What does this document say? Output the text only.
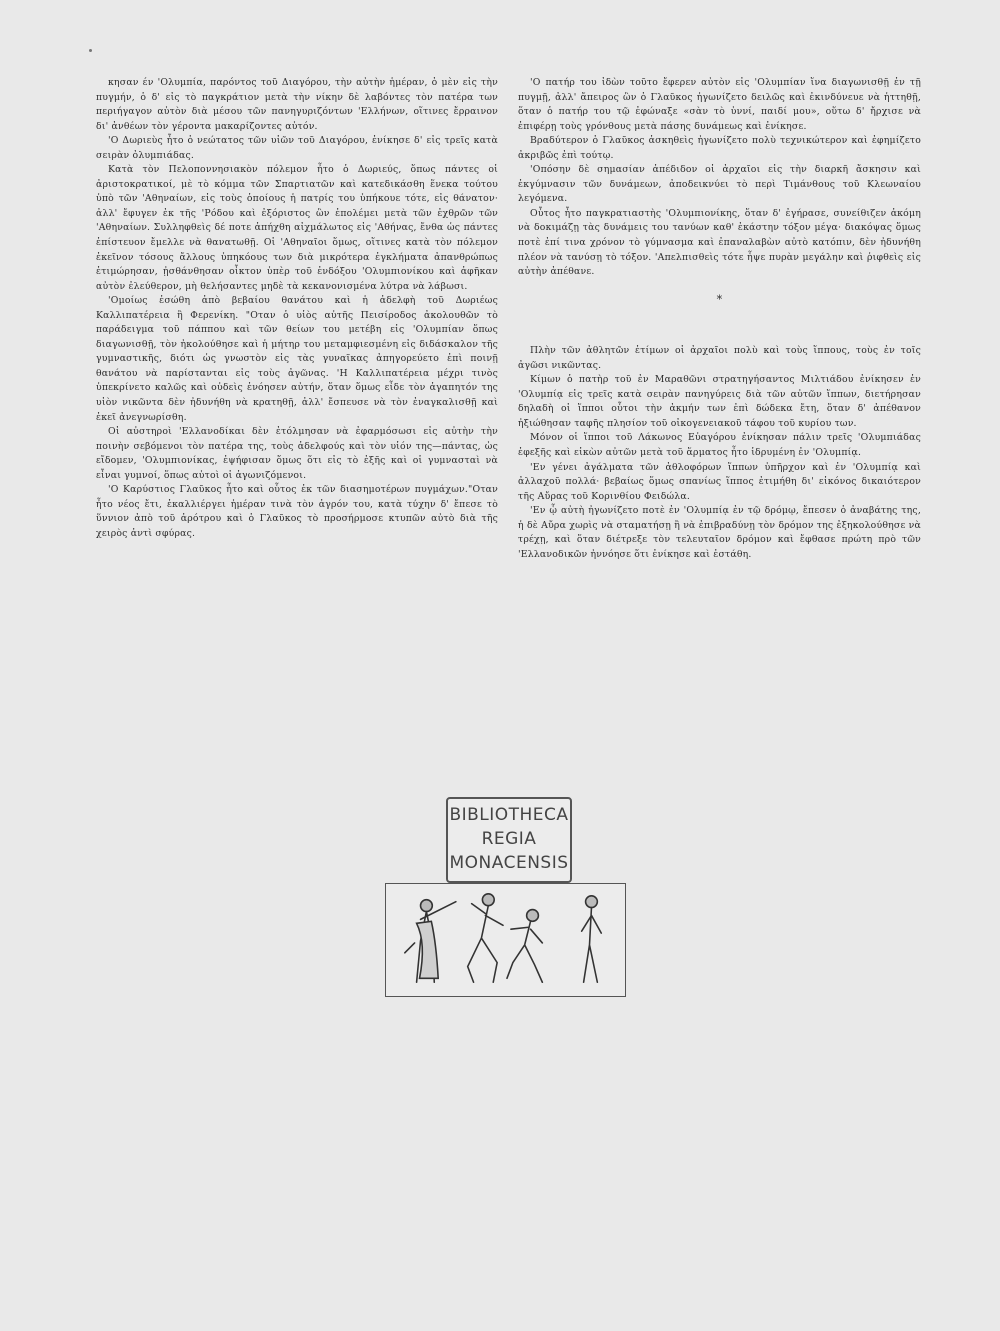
κησαν έν 'Ολυμπία, παρόντος τοῦ Διαγόρου, τὴν αὐτὴν ἡμέραν, ὁ μὲν εἰς τὴν πυγμήν, ὁ δ' εἰς τὸ παγκράτιον μετὰ τὴν νίκην δὲ λαβόντες τὸν πατέρα των περιήγαγον αὐτὸν διὰ μέσου τῶν πανηγυριζόντων 'Ελλήνων, οἵτινες ἔρραινον δι' ἀνθέων τὸν γέροντα μακαρίζοντες αὐτόν.

'Ο Δωριεὺς ἦτο ὁ νεώτατος τῶν υἱῶν τοῦ Διαγόρου, ἐνίκησε δ' εἰς τρεῖς κατὰ σειρὰν ὀλυμπιάδας.

Κατὰ τὸν Πελοποννησιακὸν πόλεμον ἦτο ὁ Δωριεύς, ὅπως πάντες οἱ ἀριστοκρατικοί, μὲ τὸ κόμμα τῶν Σπαρτιατῶν καὶ κατεδικάσθη ἕνεκα τούτου ὑπὸ τῶν 'Αθηναίων, εἰς τοὺς ὁποίους ἡ πατρίς του ὑπήκουε τότε, εἰς θάνατον· ἀλλ' ἔφυγεν ἐκ τῆς 'Ρόδου καὶ ἐξόριστος ὢν ἐπολέμει μετὰ τῶν ἐχθρῶν τῶν 'Αθηναίων. Συλληφθεὶς δέ ποτε ἀπήχθη αἰχμάλωτος εἰς 'Αθήνας, ἔνθα ὡς πάντες ἐπίστευον ἔμελλε νὰ θανατωθῇ. Οἱ 'Αθηναῖοι ὅμως, οἵτινες κατὰ τὸν πόλεμον ἐκεῖνον τόσους ἄλλους ὑπηκόους των διὰ μικρότερα ἐγκλήματα ἀπανθρώπως ἐτιμώρησαν, ᾐσθάνθησαν οἶκτον ὑπὲρ τοῦ ἐνδόξου 'Ολυμπιονίκου καὶ ἀφῆκαν αὐτὸν ἐλεύθερον, μὴ θελήσαντες μηδὲ τὰ κεκανονισμένα λύτρα νὰ λάβωσι.

'Ομοίως ἐσώθη ἀπὸ βεβαίου θανάτου καὶ ἡ ἀδελφὴ τοῦ Δωριέως Καλλιπατέρεια ἢ Φερενίκη. "Οταν ὁ υἱὸς αὐτῆς Πεισίροδος ἀκολουθῶν τὸ παράδειγμα τοῦ πάππου καὶ τῶν θείων του μετέβη εἰς 'Ολυμπίαν ὅπως διαγωνισθῇ, τὸν ἠκολούθησε καὶ ἡ μήτηρ του μεταμφιεσμένη εἰς διδάσκαλον τῆς γυμναστικῆς, διότι ὡς γνωστὸν εἰς τὰς γυναῖκας ἀπηγορεύετο ἐπὶ ποινῇ θανάτου νὰ παρίστανται εἰς τοὺς ἀγῶνας. 'Η Καλλιπατέρεια μέχρι τινὸς ὑπεκρίνετο καλῶς καὶ οὐδεὶς ἐνόησεν αὐτήν, ὅταν ὅμως εἶδε τὸν ἀγαπητόν της υἱὸν νικῶντα δὲν ἠδυνήθη νὰ κρατηθῇ, ἀλλ' ἔσπευσε νὰ τὸν ἐναγκαλισθῇ καὶ ἐκεῖ ἀνεγνωρίσθη.

Οἱ αὐστηροὶ 'Ελλανοδίκαι δὲν ἐτόλμησαν νὰ ἐφαρμόσωσι εἰς αὐτὴν τὴν ποινὴν σεβόμενοι τὸν πατέρα της, τοὺς ἀδελφούς καὶ τὸν υἱόν της—πάντας, ὡς εἴδομεν, 'Ολυμπιονίκας, ἐψήφισαν ὅμως ὅτι εἰς τὸ ἑξῆς καὶ οἱ γυμνασταὶ νὰ εἶναι γυμνοί, ὅπως αὐτοὶ οἱ ἀγωνιζόμενοι.

'Ο Καρύστιος Γλαῦκος ἦτο καὶ οὗτος ἐκ τῶν διασημοτέρων πυγμάχων."Οταν ἦτο νέος ἔτι, ἐκαλλιέργει ἡμέραν τινὰ τὸν ἀγρόν του, κατὰ τύχην δ' ἔπεσε τὸ ὕννιον ἀπὸ τοῦ ἀρότρου καὶ ὁ Γλαῦκος τὸ προσήρμοσε κτυπῶν αὐτὸ διὰ τῆς χειρὸς ἀντὶ σφύρας.

'Ο πατήρ του ἰδὼν τοῦτο ἔφερεν αὐτὸν εἰς 'Ολυμπίαν ἵνα διαγωνισθῇ ἐν τῇ πυγμῇ, ἀλλ' ἄπειρος ὢν ὁ Γλαῦκος ἠγωνίζετο δειλῶς καὶ ἐκινδύνευε νὰ ἡττηθῇ, ὅταν ὁ πατήρ του τῷ ἐφώναξε «σὰν τὸ ὑννί, παιδί μου», οὕτω δ' ἤρχισε νὰ ἐπιφέρῃ τοὺς γρόνθους μετὰ πάσης δυνάμεως καὶ ἐνίκησε.

Βραδύτερον ὁ Γλαῦκος ἀσκηθεὶς ἠγωνίζετο πολὺ τεχνικώτερον καὶ ἐφημίζετο ἀκριβῶς ἐπὶ τούτῳ.

'Οπόσην δὲ σημασίαν ἀπέδιδον οἱ ἀρχαῖοι εἰς τὴν διαρκῆ ἄσκησιν καὶ ἐκγύμνασιν τῶν δυνάμεων, ἀποδεικνύει τὸ περὶ Τιμάνθους τοῦ Κλεωναίου λεγόμενα.

Οὗτος ἦτο παγκρατιαστὴς 'Ολυμπιονίκης, ὅταν δ' ἐγήρασε, συνείθιζεν ἀκόμη νὰ δοκιμάζῃ τὰς δυνάμεις του τανύων καθ' ἑκάστην τόξον μέγα· διακόψας ὅμως ποτὲ ἐπί τινα χρόνον τὸ γύμνασμα καὶ ἐπαναλαβὼν αὐτὸ κατόπιν, δὲν ἠδυνήθη πλέον νὰ τανύσῃ τὸ τόξον. 'Απελπισθεὶς τότε ἧψε πυρὰν μεγάλην καὶ ῥιφθεὶς εἰς αὐτὴν ἀπέθανε.

*

Πλὴν τῶν ἀθλητῶν ἐτίμων οἱ ἀρχαῖοι πολὺ καὶ τοὺς ἵππους, τοὺς ἐν τοῖς ἀγῶσι νικῶντας.

Κίμων ὁ πατὴρ τοῦ ἐν Μαραθῶνι στρατηγήσαντος Μιλτιάδου ἐνίκησεν ἐν 'Ολυμπίᾳ εἰς τρεῖς κατὰ σειρὰν πανηγύρεις διὰ τῶν αὐτῶν ἵππων, διετήρησαν δηλαδὴ οἱ ἵπποι οὗτοι τὴν ἀκμήν των ἐπὶ δώδεκα ἔτη, ὅταν δ' ἀπέθανον ἠξιώθησαν ταφῆς πλησίον τοῦ οἰκογενειακοῦ τάφου τοῦ κυρίου των.

Μόνον οἱ ἵπποι τοῦ Λάκωνος Εὐαγόρου ἐνίκησαν πάλιν τρεῖς 'Ολυμπιάδας ἐφεξῆς καὶ εἰκὼν αὐτῶν μετὰ τοῦ ἅρματος ἦτο ἱδρυμένη ἐν 'Ολυμπίᾳ.

'Εν γένει ἀγάλματα τῶν ἀθλοφόρων ἵππων ὑπῆρχον καὶ ἐν 'Ολυμπίᾳ καὶ ἀλλαχοῦ πολλά· βεβαίως ὅμως σπανίως ἵππος ἐτιμήθη δι' εἰκόνος δικαιότερον τῆς Αὔρας τοῦ Κορινθίου Φειδώλα.

'Εν ᾧ αὐτὴ ἠγωνίζετο ποτὲ ἐν 'Ολυμπίᾳ ἐν τῷ δρόμῳ, ἔπεσεν ὁ ἀναβάτης της, ἡ δὲ Αὔρα χωρὶς νὰ σταματήσῃ ἢ νὰ ἐπιβραδύνῃ τὸν δρόμον της ἐξηκολούθησε νὰ τρέχῃ, καὶ ὅταν διέτρεξε τὸν τελευταῖον δρόμον καὶ ἔφθασε πρώτη πρὸ τῶν 'Ελλανοδικῶν ἠννόησε ὅτι ἐνίκησε καὶ ἐστάθη.

BIBLIOTHECA
REGIA
MONACENSIS
